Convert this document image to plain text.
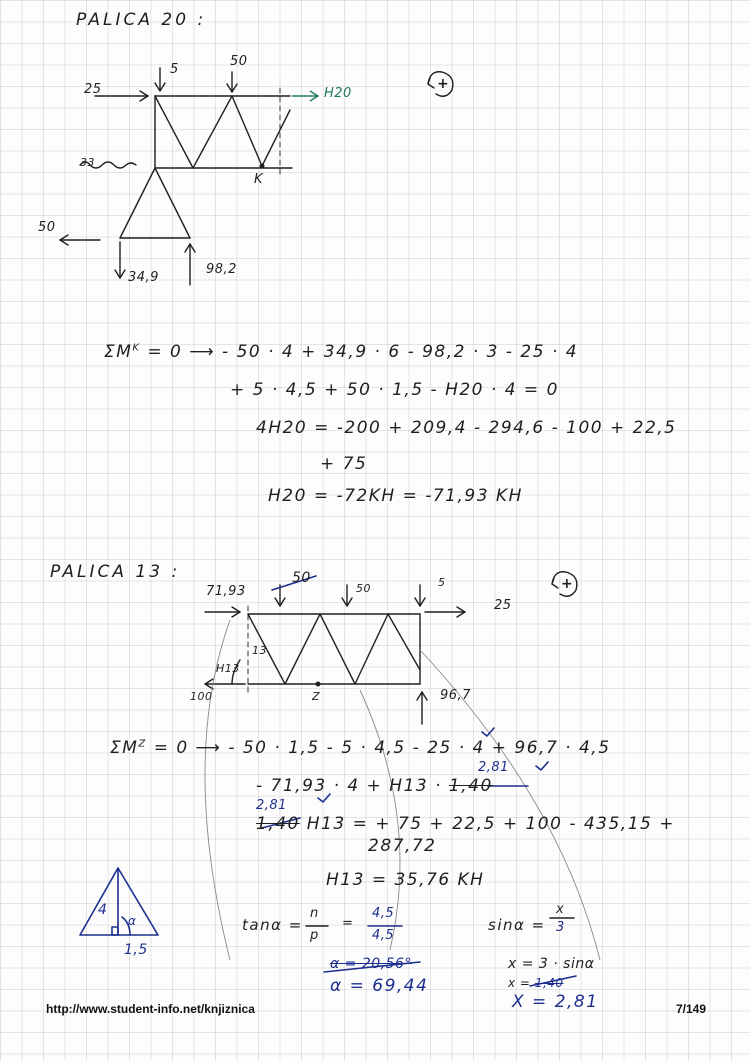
PALICA 20 :
25
5
50
H20
33
K
50
34,9
98,2
+
$\Sigma M^K = 0$ ⟶ - 50 · 4 + 34,9 · 6 - 98,2 · 3 - 25 · 4
+ 5 · 4,5 + 50 · 1,5 - H20 · 4 = 0
4H20 = -200 + 209,4 - 294,6 - 100 + 22,5
+ 75
H20 = -72KH = -71,93 KH
PALICA 13 :
71,93
50
50	5
25
13
H13
100	Z	96,7
+
$\Sigma M^Z = 0$ ⟶ - 50 · 1,5 - 5 · 4,5 - 25 · 4 + 96,7 · 4,5
- 71,93 · 4 + H13 · 1,40
2,81
2,81
1,40 H13 = + 75 + 22,5 + 100 - 435,15 +
287,72
H13 = 35,76 KH
4
α
1,5
tanα =
n
p
=
4,5
4,5
α = 20,56°
α = 69,44
sinα =
x
3
x = 3 · sinα
x = 1,40
X = 2,81
http://www.student-info.net/knjiznica	7/149
